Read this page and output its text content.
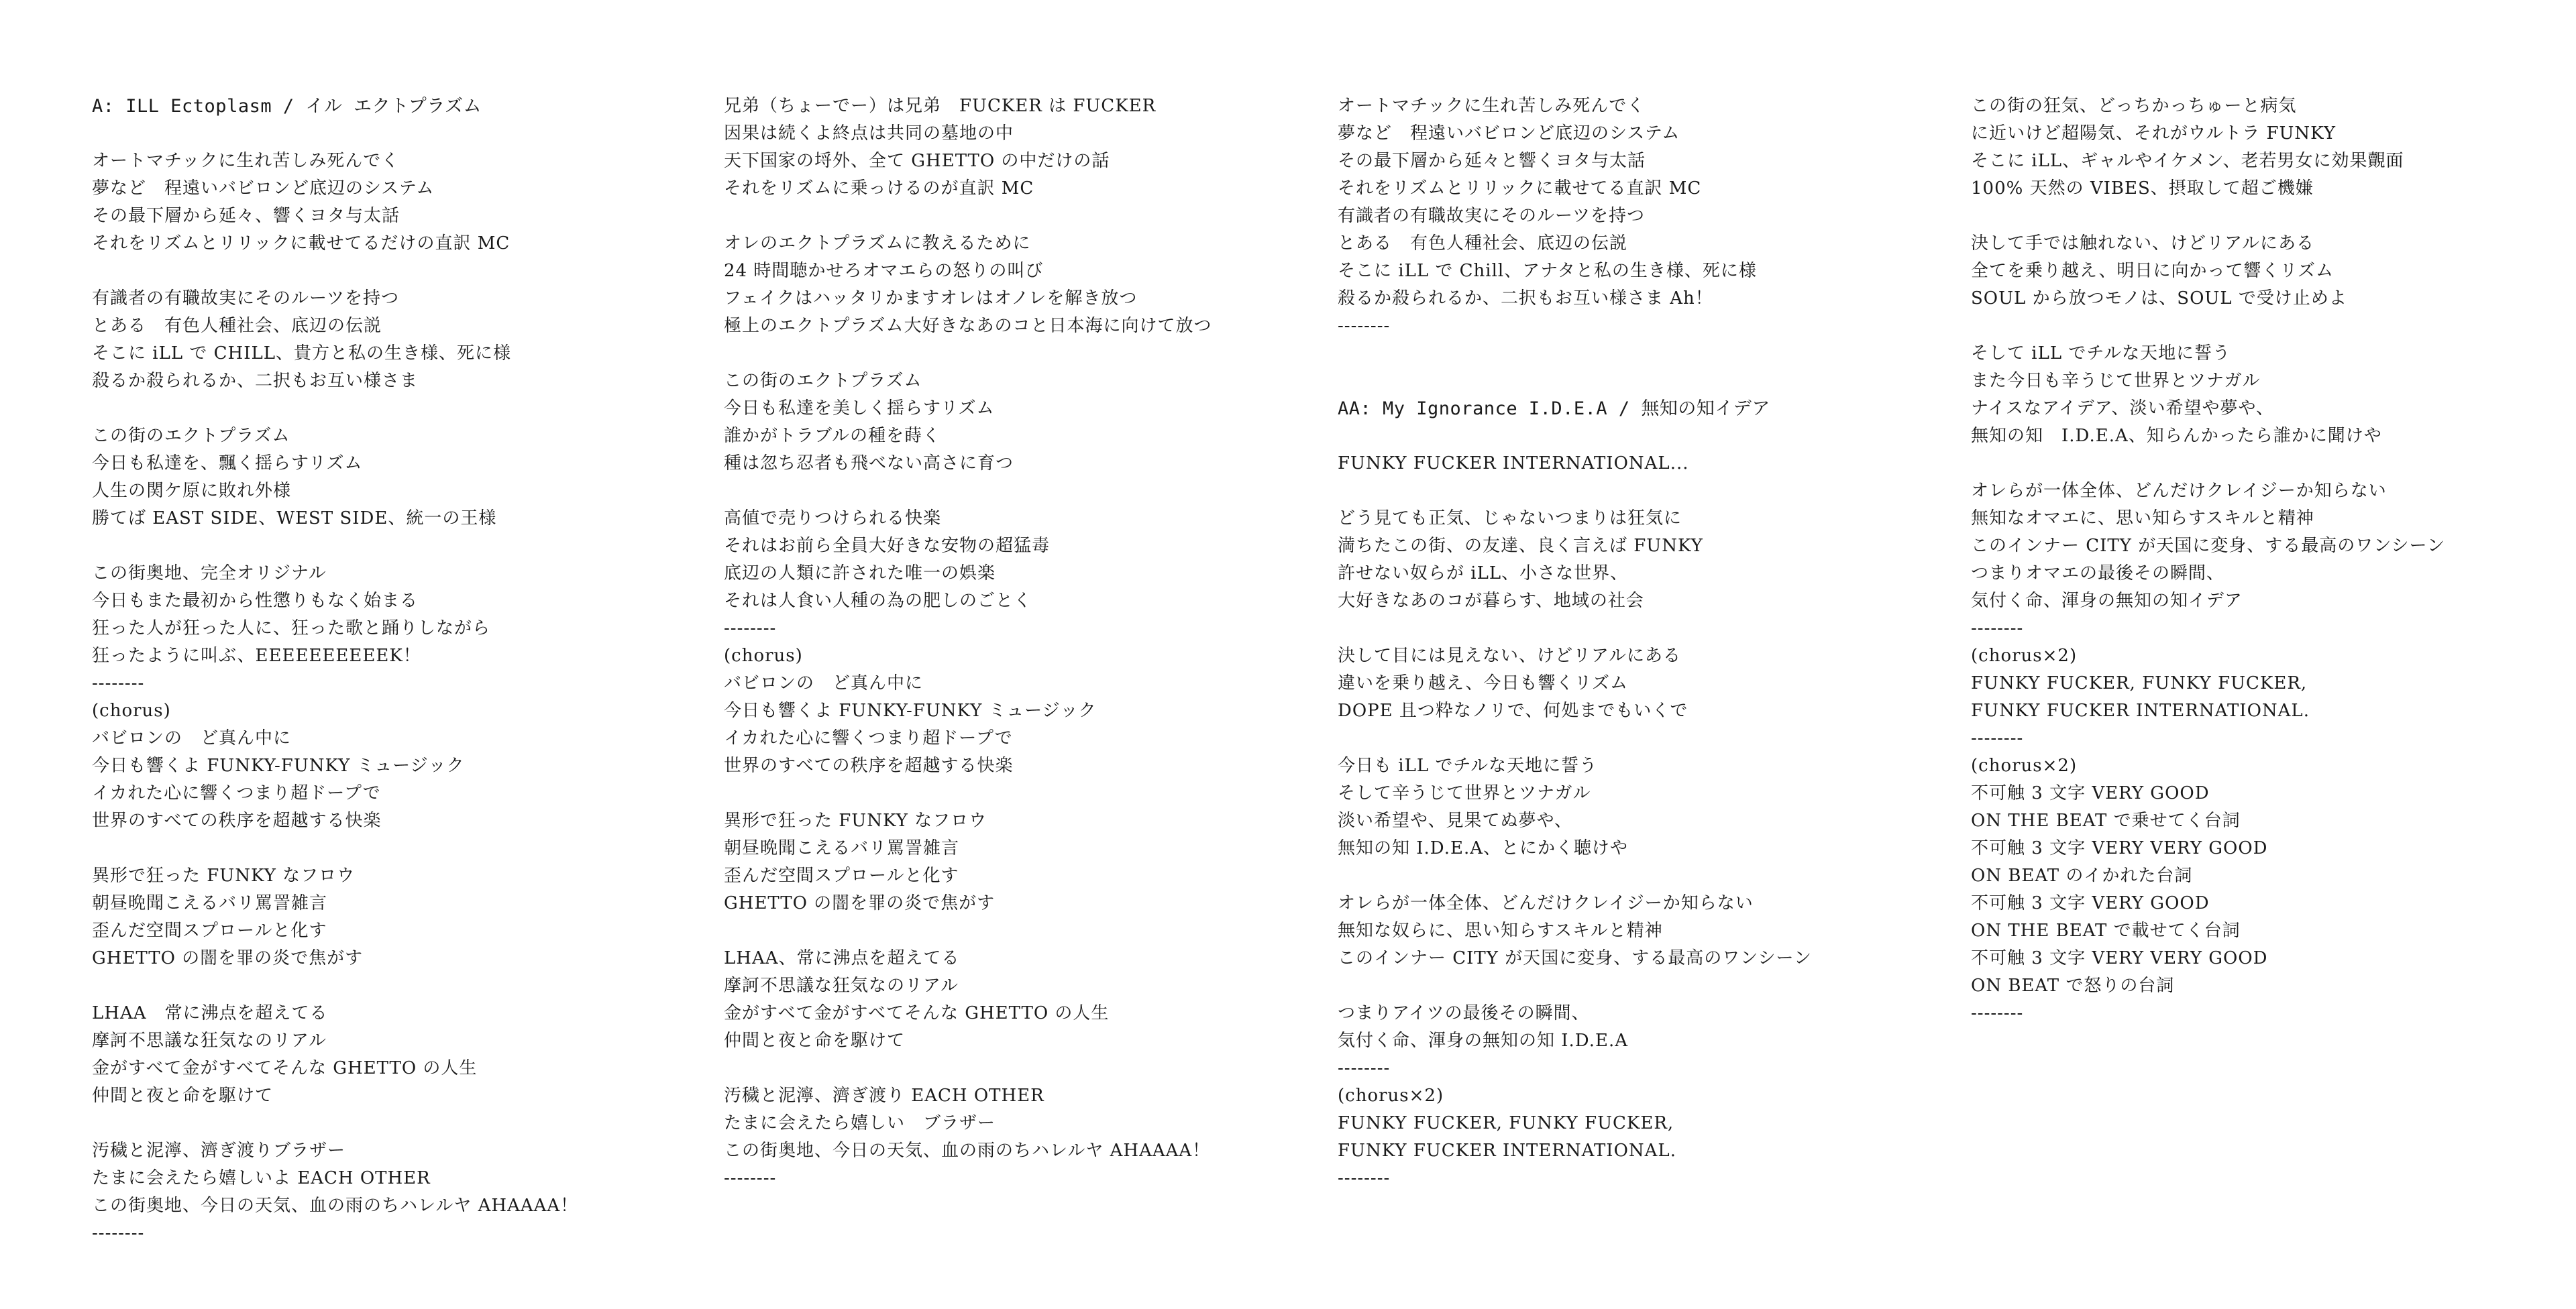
A: ILL Ectoplasm / イル エクトプラズム
オートマチックに生れ苦しみ死んでく
夢など　程遠いバビロンど底辺のシステム
その最下層から延々、響くヨタ与太話
それをリズムとリリックに載せてるだけの直訳 MC
有識者の有職故実にそのルーツを持つ
とある　有色人種社会、底辺の伝説
そこに iLL で CHILL、貴方と私の生き様、死に様
殺るか殺られるか、二択もお互い様さま
この街のエクトプラズム
今日も私達を、飄く揺らすリズム
人生の関ケ原に敗れ外様
勝てば EAST SIDE、WEST SIDE、統一の王様
この街奥地、完全オリジナル
今日もまた最初から性懲りもなく始まる
狂った人が狂った人に、狂った歌と踊りしながら
狂ったように叫ぶ、EEEEEEEEEEK！
--------
(chorus)
バビロンの　ど真ん中に
今日も響くよ FUNKY-FUNKY ミュージック
イカれた心に響くつまり超ドープで
世界のすべての秩序を超越する快楽
異形で狂った FUNKY なフロウ
朝昼晩聞こえるバリ罵詈雑言
歪んだ空間スプロールと化す
GHETTO の闇を罪の炎で焦がす
LHAA　常に沸点を超えてる
摩訶不思議な狂気なのリアル
金がすべて金がすべてそんな GHETTO の人生
仲間と夜と命を駆けて
汚穢と泥濘、濟ぎ渡りブラザー
たまに会えたら嬉しいよ EACH OTHER
この街奥地、今日の天気、血の雨のちハレルヤ AHAAAA！
--------
兄弟（ちょーでー）は兄弟　FUCKER は FUCKER
因果は続くよ終点は共同の墓地の中
天下国家の埒外、全て GHETTO の中だけの話
それをリズムに乗っけるのが直訳 MC
オレのエクトプラズムに教えるために
24 時間聴かせろオマエらの怒りの叫び
フェイクはハッタリかますオレはオノレを解き放つ
極上のエクトプラズム大好きなあのコと日本海に向けて放つ
この街のエクトプラズム
今日も私達を美しく揺らすリズム
誰かがトラブルの種を蒔く
種は忽ち忍者も飛べない高さに育つ
高値で売りつけられる快楽
それはお前ら全員大好きな安物の超猛毒
底辺の人類に許された唯一の娯楽
それは人食い人種の為の肥しのごとく
--------
(chorus)
バビロンの　ど真ん中に
今日も響くよ FUNKY-FUNKY ミュージック
イカれた心に響くつまり超ドープで
世界のすべての秩序を超越する快楽
異形で狂った FUNKY なフロウ
朝昼晩聞こえるバリ罵詈雑言
歪んだ空間スプロールと化す
GHETTO の闇を罪の炎で焦がす
LHAA、常に沸点を超えてる
摩訶不思議な狂気なのリアル
金がすべて金がすべてそんな GHETTO の人生
仲間と夜と命を駆けて
汚穢と泥濘、濟ぎ渡り EACH OTHER
たまに会えたら嬉しい　ブラザー
この街奥地、今日の天気、血の雨のちハレルヤ AHAAAA！
--------
オートマチックに生れ苦しみ死んでく
夢など　程遠いバビロンど底辺のシステム
その最下層から延々と響くヨタ与太話
それをリズムとリリックに載せてる直訳 MC
有識者の有職故実にそのルーツを持つ
とある　有色人種社会、底辺の伝説
そこに iLL で Chill、アナタと私の生き様、死に様
殺るか殺られるか、二択もお互い様さま Ah！
--------
AA: My Ignorance I.D.E.A / 無知の知イデア
FUNKY FUCKER INTERNATIONAL...
どう見ても正気、じゃないつまりは狂気に
満ちたこの街、の友達、良く言えば FUNKY
許せない奴らが iLL、小さな世界、
大好きなあのコが暮らす、地域の社会
決して目には見えない、けどリアルにある
違いを乗り越え、今日も響くリズム
DOPE 且つ粋なノリで、何処までもいくで
今日も iLL でチルな天地に誓う
そして辛うじて世界とツナガル
淡い希望や、見果てぬ夢や、
無知の知 I.D.E.A、とにかく聴けや
オレらが一体全体、どんだけクレイジーか知らない
無知な奴らに、思い知らすスキルと精神
このインナー CITY が天国に変身、する最高のワンシーン
つまりアイツの最後その瞬間、
気付く命、渾身の無知の知 I.D.E.A
--------
(chorus×2)
FUNKY FUCKER, FUNKY FUCKER,
FUNKY FUCKER INTERNATIONAL.
--------
この街の狂気、どっちかっちゅーと病気
に近いけど超陽気、それがウルトラ FUNKY
そこに iLL、ギャルやイケメン、老若男女に効果覿面
100% 天然の VIBES、摂取して超ご機嫌
決して手では触れない、けどリアルにある
全てを乗り越え、明日に向かって響くリズム
SOUL から放つモノは、SOUL で受け止めよ
そして iLL でチルな天地に誓う
また今日も辛うじて世界とツナガル
ナイスなアイデア、淡い希望や夢や、
無知の知　I.D.E.A、知らんかったら誰かに聞けや
オレらが一体全体、どんだけクレイジーか知らない
無知なオマエに、思い知らすスキルと精神
このインナー CITY が天国に変身、する最高のワンシーン
つまりオマエの最後その瞬間、
気付く命、渾身の無知の知イデア
--------
(chorus×2)
FUNKY FUCKER, FUNKY FUCKER,
FUNKY FUCKER INTERNATIONAL.
--------
(chorus×2)
不可触 3 文字 VERY GOOD
ON THE BEAT で乗せてく台詞
不可触 3 文字 VERY VERY GOOD
ON BEAT のイかれた台詞
不可触 3 文字 VERY GOOD
ON THE BEAT で載せてく台詞
不可触 3 文字 VERY VERY GOOD
ON BEAT で怒りの台詞
--------
